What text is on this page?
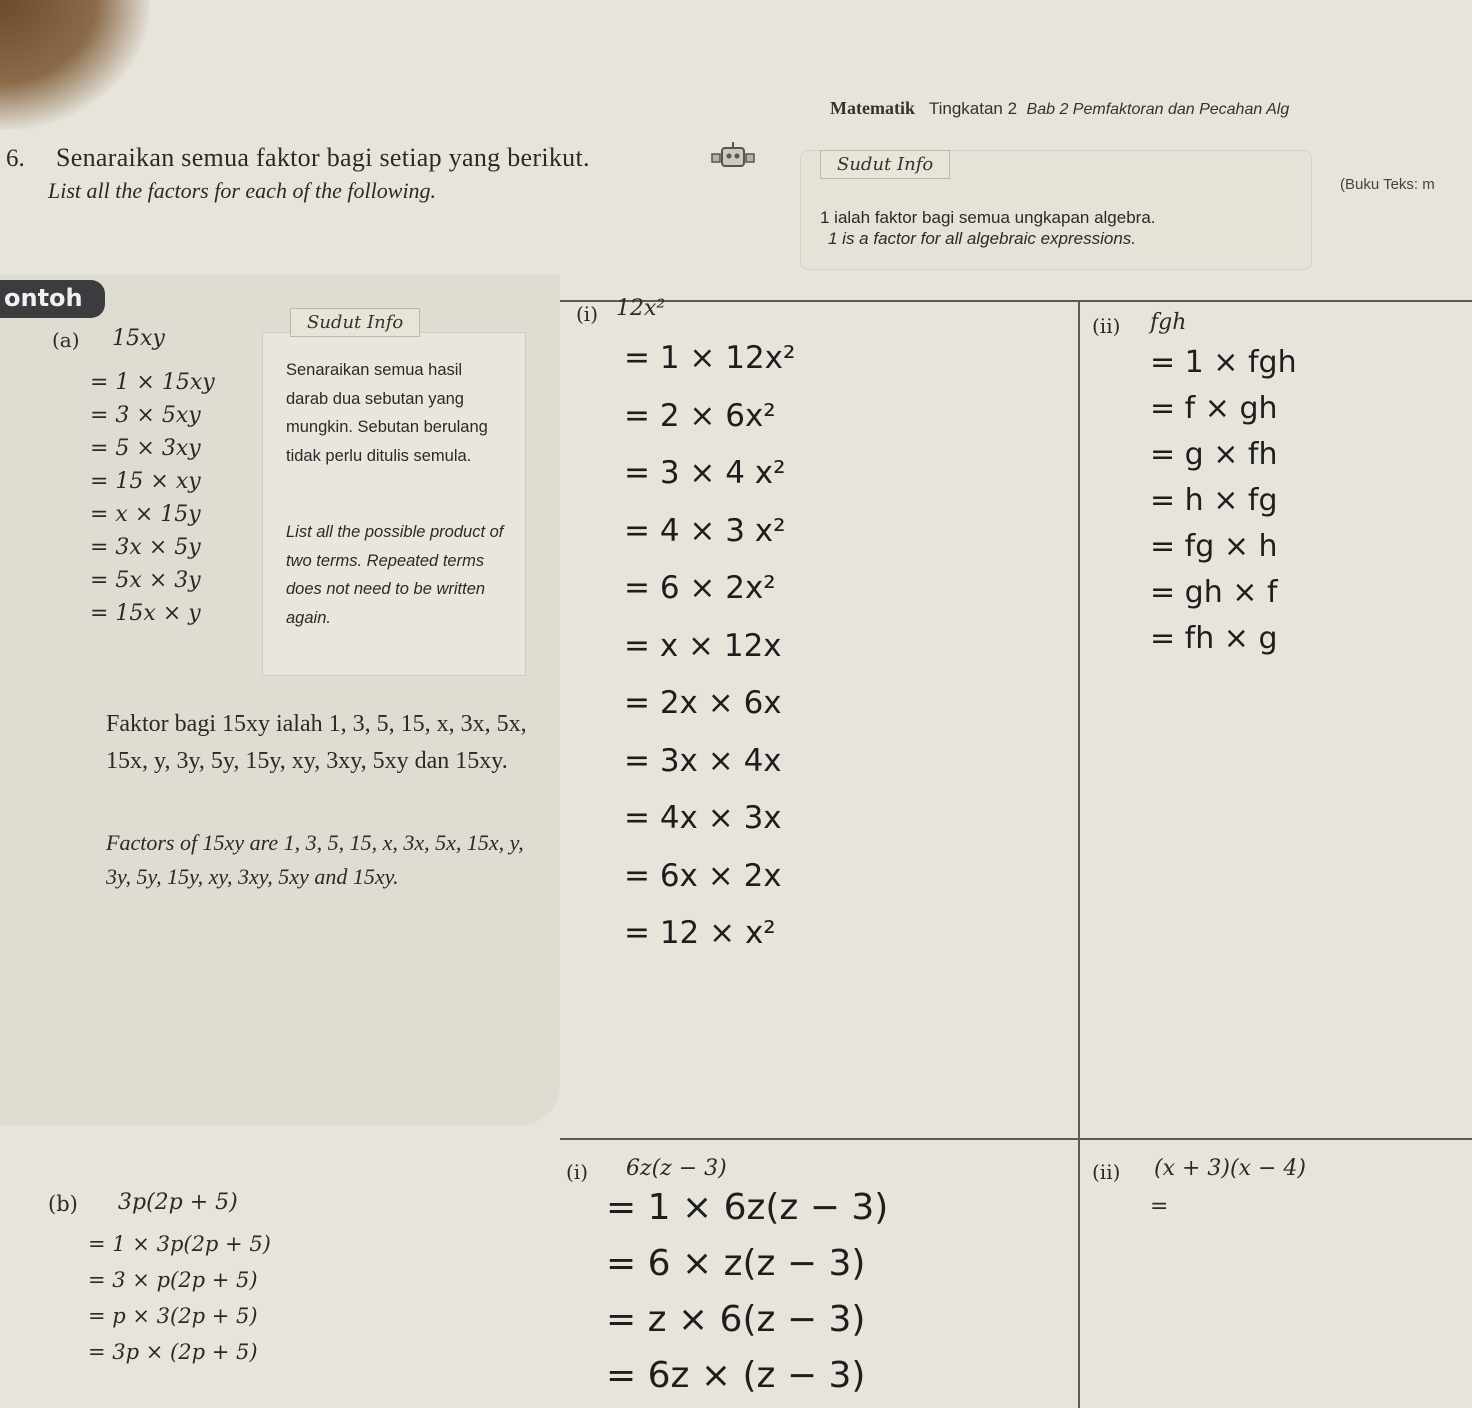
Matematik Tingkatan 2 Bab 2 Pemfaktoran dan Pecahan Alg
6. Senaraikan semua faktor bagi setiap yang berikut.
List all the factors for each of the following.	(Buku Teks: m
Sudut Info
1 ialah faktor bagi semua ungkapan algebra.
1 is a factor for all algebraic expressions.
ontoh
(a) 15xy
= 1 × 15xy
= 3 × 5xy
= 5 × 3xy
= 15 × xy
= x × 15y
= 3x × 5y
= 5x × 3y
= 15x × y
Sudut Info
Senaraikan semua hasil darab dua sebutan yang mungkin. Sebutan berulang tidak perlu ditulis semula.
List all the possible product of two terms. Repeated terms does not need to be written again.
Faktor bagi 15xy ialah 1, 3, 5, 15, x, 3x, 5x, 15x, y, 3y, 5y, 15y, xy, 3xy, 5xy dan 15xy.
Factors of 15xy are 1, 3, 5, 15, x, 3x, 5x, 15x, y, 3y, 5y, 15y, xy, 3xy, 5xy and 15xy.
(i) 12x²
(ii) fgh
= 1 × 12x²
= 2 × 6x²
= 3 × 4 x²
= 4 × 3 x²
= 6 × 2x²
= x × 12x
= 2x × 6x
= 3x × 4x
= 4x × 3x
= 6x × 2x
= 12 × x²
= 1 × fgh
= f × gh
= g × fh
= h × fg
= fg × h
= gh × f
= fh × g
(b) 3p(2p + 5)
= 1 × 3p(2p + 5)
= 3 × p(2p + 5)
= p × 3(2p + 5)
= 3p × (2p + 5)
(i) 6z(z − 3)	(ii) (x + 3)(x − 4)
= 1 × 6z(z − 3)
= 6 × z(z − 3)
= z × 6(z − 3)
= 6z × (z − 3)
=
